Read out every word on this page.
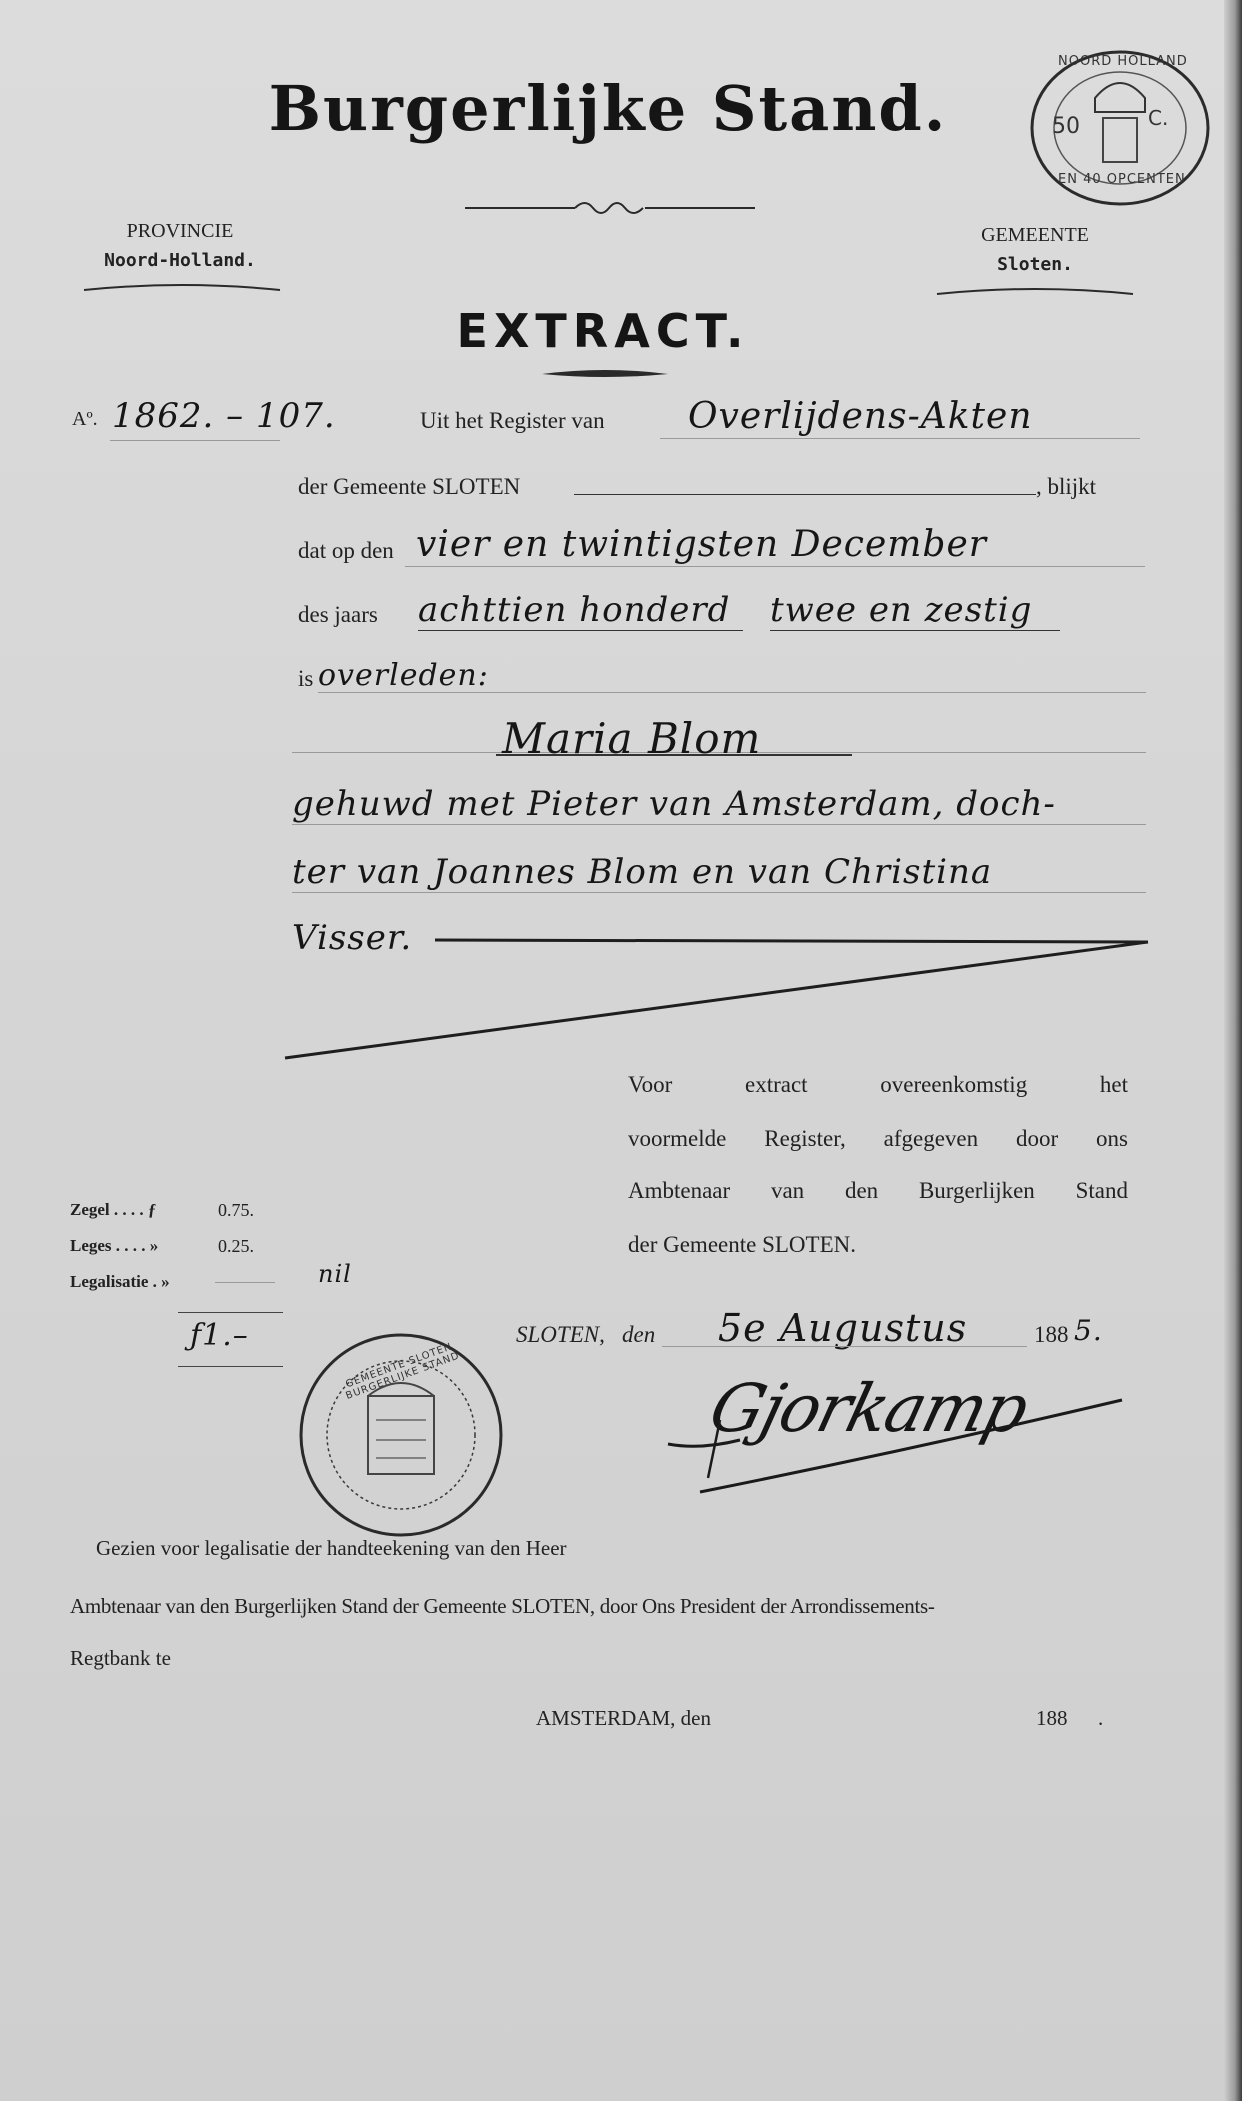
Burgerlijke Stand.
PROVINCIE
Noord-Holland.
GEMEENTE
Sloten.
EXTRACT.
NOORD HOLLAND
EN 40 OPCENTEN
50	C.
Aº. 1862. – 107.	Uit het Register van Overlijdens-Akten
der Gemeente SLOTEN	, blijkt
dat op den vier en twintigsten December
des jaars achttien honderd twee en zestig
is overleden:
Maria Blom
gehuwd met Pieter van Amsterdam, doch-
ter van Joannes Blom en van Christina
Visser.
Voor extract overeenkomstig het
voormelde Register, afgegeven door ons
Ambtenaar van den Burgerlijken Stand
der Gemeente SLOTEN.
Zegel . . . . ƒ	0.75.
Leges . . . . »	0.25.
Legalisatie . »	nil
ƒ1.–	SLOTEN, den 5e Augustus	188 5.
Gjorkamp
GEMEENTE SLOTEN BURGERLIJKE STAND
Gezien voor legalisatie der handteekening van den Heer
Ambtenaar van den Burgerlijken Stand der Gemeente SLOTEN, door Ons President der Arrondissements-
Regtbank te
AMSTERDAM, den	188 .
